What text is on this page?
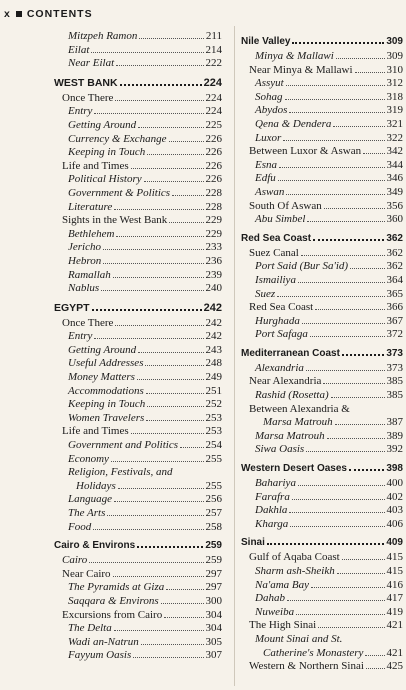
x CONTENTS
Mitzpeh Ramon	211
Eilat	214
Near Eilat	222
WEST BANK	224
Once There	224
Entry	224
Getting Around	225
Currency & Exchange	226
Keeping in Touch	226
Life and Times	226
Political History	226
Government & Politics	228
Literature	228
Sights in the West Bank	229
Bethlehem	229
Jericho	233
Hebron	236
Ramallah	239
Nablus	240
EGYPT	242
Once There	242
Entry	242
Getting Around	243
Useful Addresses	248
Money Matters	249
Accommodations	251
Keeping in Touch	252
Women Travelers	253
Life and Times	253
Government and Politics	254
Economy	255
Religion, Festivals, and
Holidays	255
Language	256
The Arts	257
Food	258
Cairo & Environs	259
Cairo	259
Near Cairo	297
The Pyramids at Giza	297
Saqqara & Environs	300
Excursions from Cairo	304
The Delta	304
Wadi an-Natrun	305
Fayyum Oasis	307
Nile Valley	309
Minya & Mallawi	309
Near Minya & Mallawi	310
Assyut	312
Sohag	318
Abydos	319
Qena & Dendera	321
Luxor	322
Between Luxor & Aswan 342
Esna	344
Edfu	346
Aswan	349
South Of Aswan	356
Abu Simbel	360
Red Sea Coast	362
Suez Canal	362
Port Said (Bur Sa'id)	362
Ismailiya	364
Suez	365
Red Sea Coast	366
Hurghada	367
Port Safaga	372
Mediterranean Coast	373
Alexandria	373
Near Alexandria	385
Rashid (Rosetta)	385
Between Alexandria &
Marsa Matrouh	387
Marsa Matrouh	389
Siwa Oasis	392
Western Desert Oases	398
Bahariya	400
Farafra	402
Dakhla	403
Kharga	406
Sinai	409
Gulf of Aqaba Coast	415
Sharm ash-Sheikh	415
Na'ama Bay	416
Dahab	417
Nuweiba	419
The High Sinai	421
Mount Sinai and St.
Catherine's Monastery 421
Western & Northern Sinai 425
